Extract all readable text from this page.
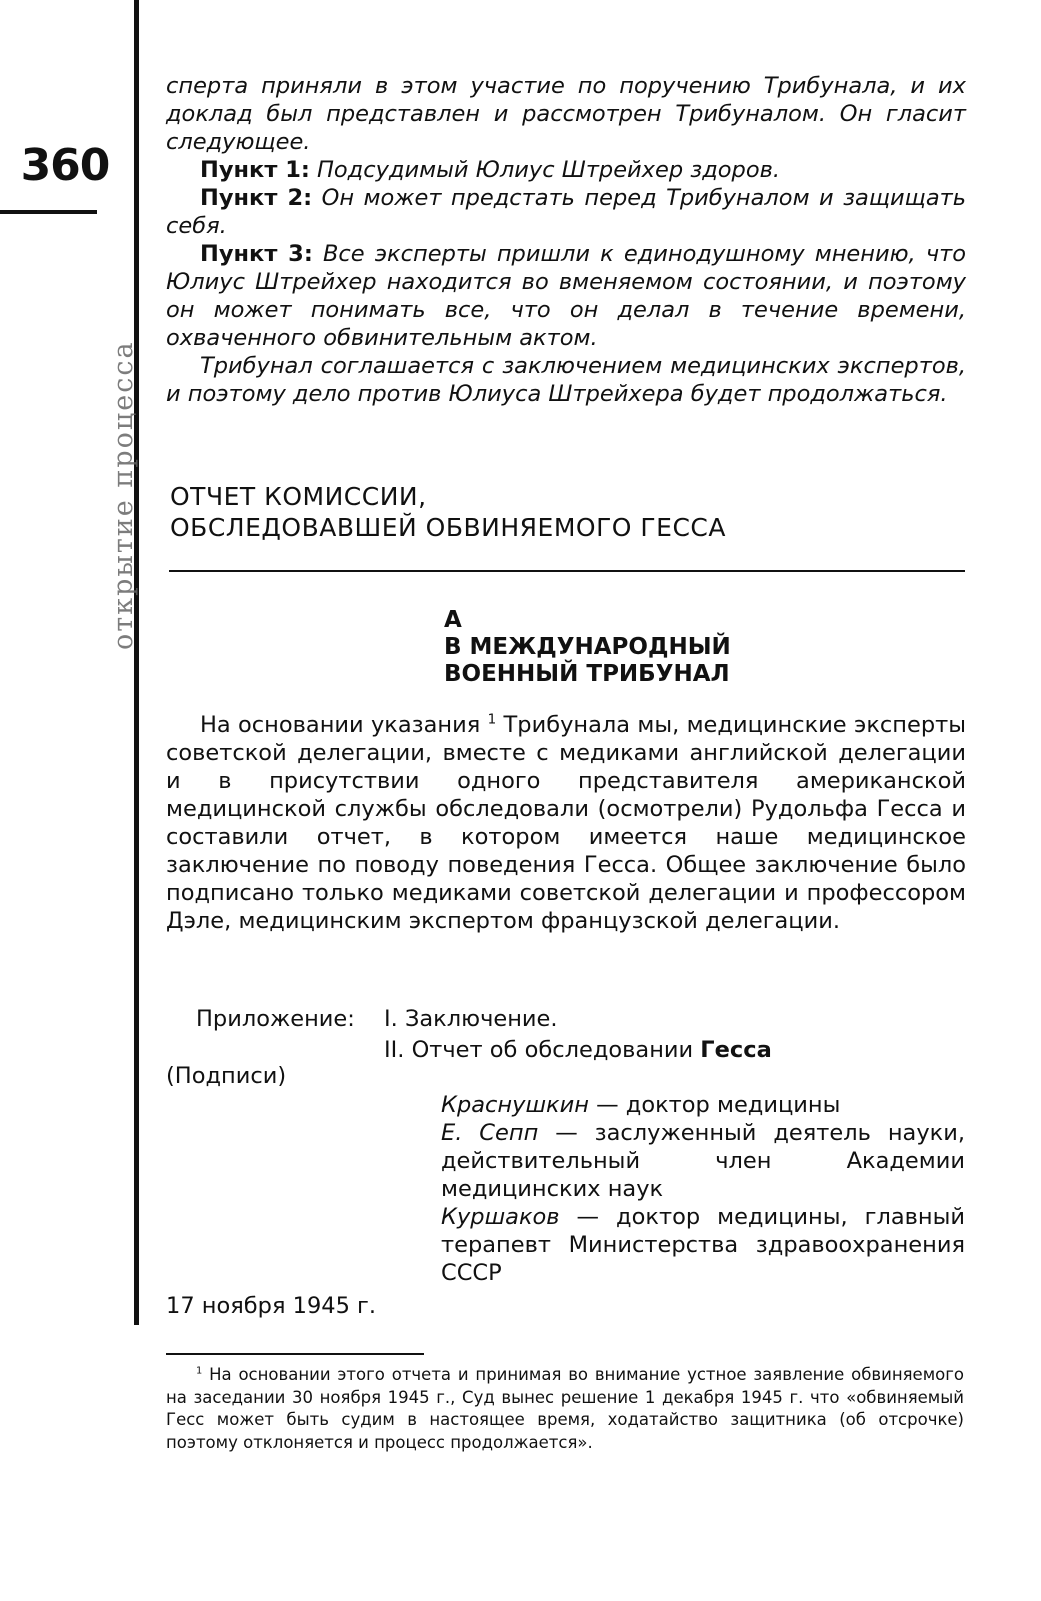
360
открытие процесса

сперта приняли в этом участие по поручению Трибунала, и их доклад был представлен и рассмотрен Трибуналом. Он гласит следующее.

Пункт 1: Подсудимый Юлиус Штрейхер здоров.

Пункт 2: Он может предстать перед Трибуналом и защищать себя.

Пункт 3: Все эксперты пришли к единодушному мнению, что Юлиус Штрейхер находится во вменяемом состоянии, и поэтому он может понимать все, что он делал в течение времени, охваченного обвинительным актом.

Трибунал соглашается с заключением медицинских экспертов, и поэтому дело против Юлиуса Штрейхера будет продолжаться.

ОТЧЕТ КОМИССИИ,
ОБСЛЕДОВАВШЕЙ ОБВИНЯЕМОГО ГЕССА
А
В МЕЖДУНАРОДНЫЙ
ВОЕННЫЙ ТРИБУНАЛ

На основании указания $^1$ Трибунала мы, медицинские эксперты советской делегации, вместе с медиками английской делегации и в присутствии одного представителя американской медицинской службы обследовали (осмотрели) Рудольфа Гесса и составили отчет, в котором имеется наше медицинское заключение по поводу поведения Гесса. Общее заключение было подписано только медиками советской делегации и профессором Дэле, медицинским экспертом французской делегации.

Приложение: I. Заключение.
II. Отчет об обследовании Гесса
(Подписи)

Краснушкин — доктор медицины

Е. Сепп — заслуженный деятель науки, действительный член Академии медицинских наук

Куршаков — доктор медицины, главный терапевт Министерства здравоохранения СССР

17 ноября 1945 г.

$^1$ На основании этого отчета и принимая во внимание устное заявление обвиняемого на заседании 30 ноября 1945 г., Суд вынес решение 1 декабря 1945 г. что «обвиняемый Гесс может быть судим в настоящее время, ходатайство защитника (об отсрочке) поэтому отклоняется и процесс продолжается».
